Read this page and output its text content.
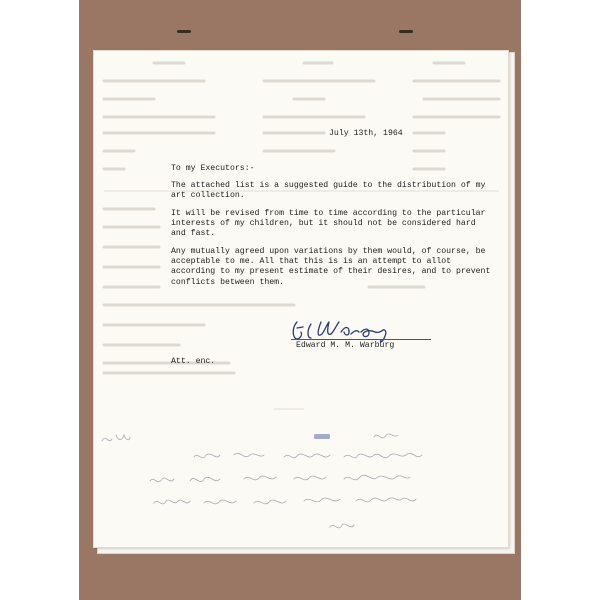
July 13th, 1964
To my Executors:-

The attached list is a suggested guide to the distribution of my art collection.

It will be revised from time to time according to the particular interests of my children, but it should not be considered hard and fast.

Any mutually agreed upon variations by them would, of course, be acceptable to me. All that this is is an attempt to allot according to my present estimate of their desires, and to prevent conflicts between them.

Edward M. M. Warburg
Att. enc.
